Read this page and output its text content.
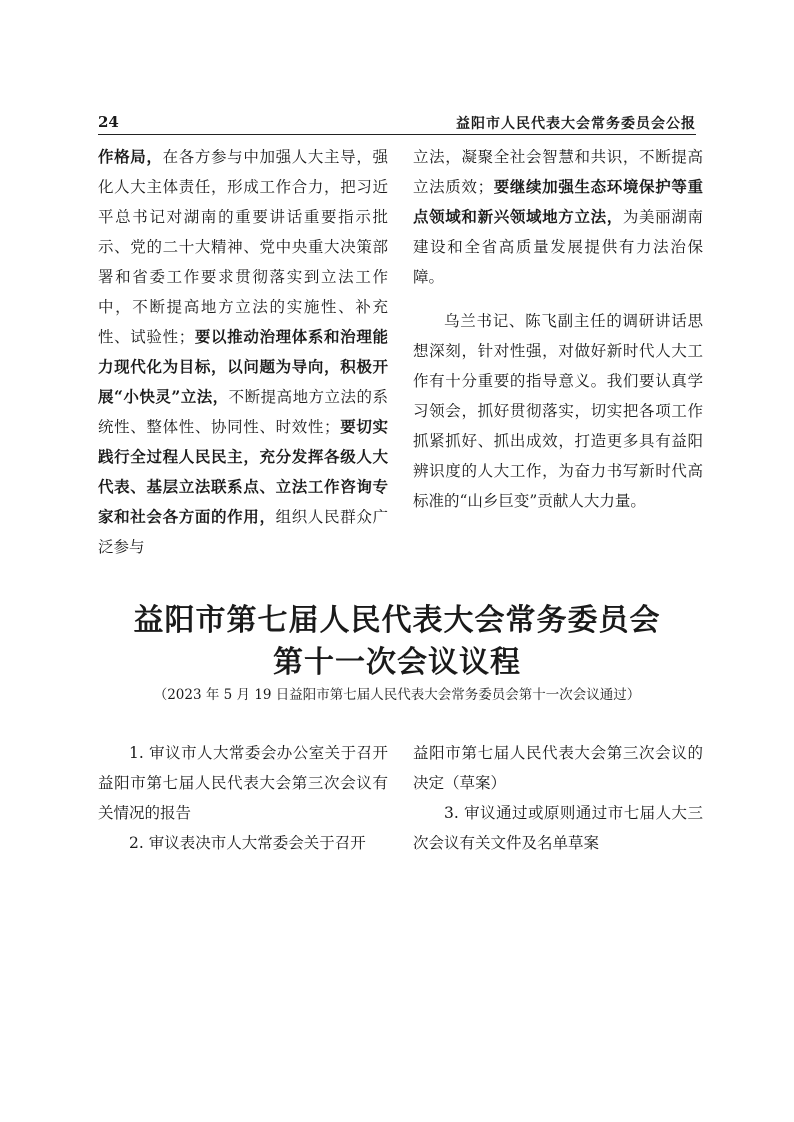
24	益阳市人民代表大会常务委员会公报

作格局，在各方参与中加强人大主导，强化人大主体责任，形成工作合力，把习近平总书记对湖南的重要讲话重要指示批示、党的二十大精神、党中央重大决策部署和省委工作要求贯彻落实到立法工作中，不断提高地方立法的实施性、补充性、试验性；要以推动治理体系和治理能力现代化为目标，以问题为导向，积极开展“小快灵”立法，不断提高地方立法的系统性、整体性、协同性、时效性；要切实践行全过程人民民主，充分发挥各级人大代表、基层立法联系点、立法工作咨询专家和社会各方面的作用，组织人民群众广泛参与

立法，凝聚全社会智慧和共识，不断提高立法质效；要继续加强生态环境保护等重点领域和新兴领域地方立法，为美丽湖南建设和全省高质量发展提供有力法治保障。

乌兰书记、陈飞副主任的调研讲话思想深刻，针对性强，对做好新时代人大工作有十分重要的指导意义。我们要认真学习领会，抓好贯彻落实，切实把各项工作抓紧抓好、抓出成效，打造更多具有益阳辨识度的人大工作，为奋力书写新时代高标准的“山乡巨变”贡献人大力量。

益阳市第七届人民代表大会常务委员会
第十一次会议议程
（2023 年 5 月 19 日益阳市第七届人民代表大会常务委员会第十一次会议通过）

1. 审议市人大常委会办公室关于召开益阳市第七届人民代表大会第三次会议有关情况的报告

2. 审议表决市人大常委会关于召开

益阳市第七届人民代表大会第三次会议的决定（草案）

3. 审议通过或原则通过市七届人大三次会议有关文件及名单草案
